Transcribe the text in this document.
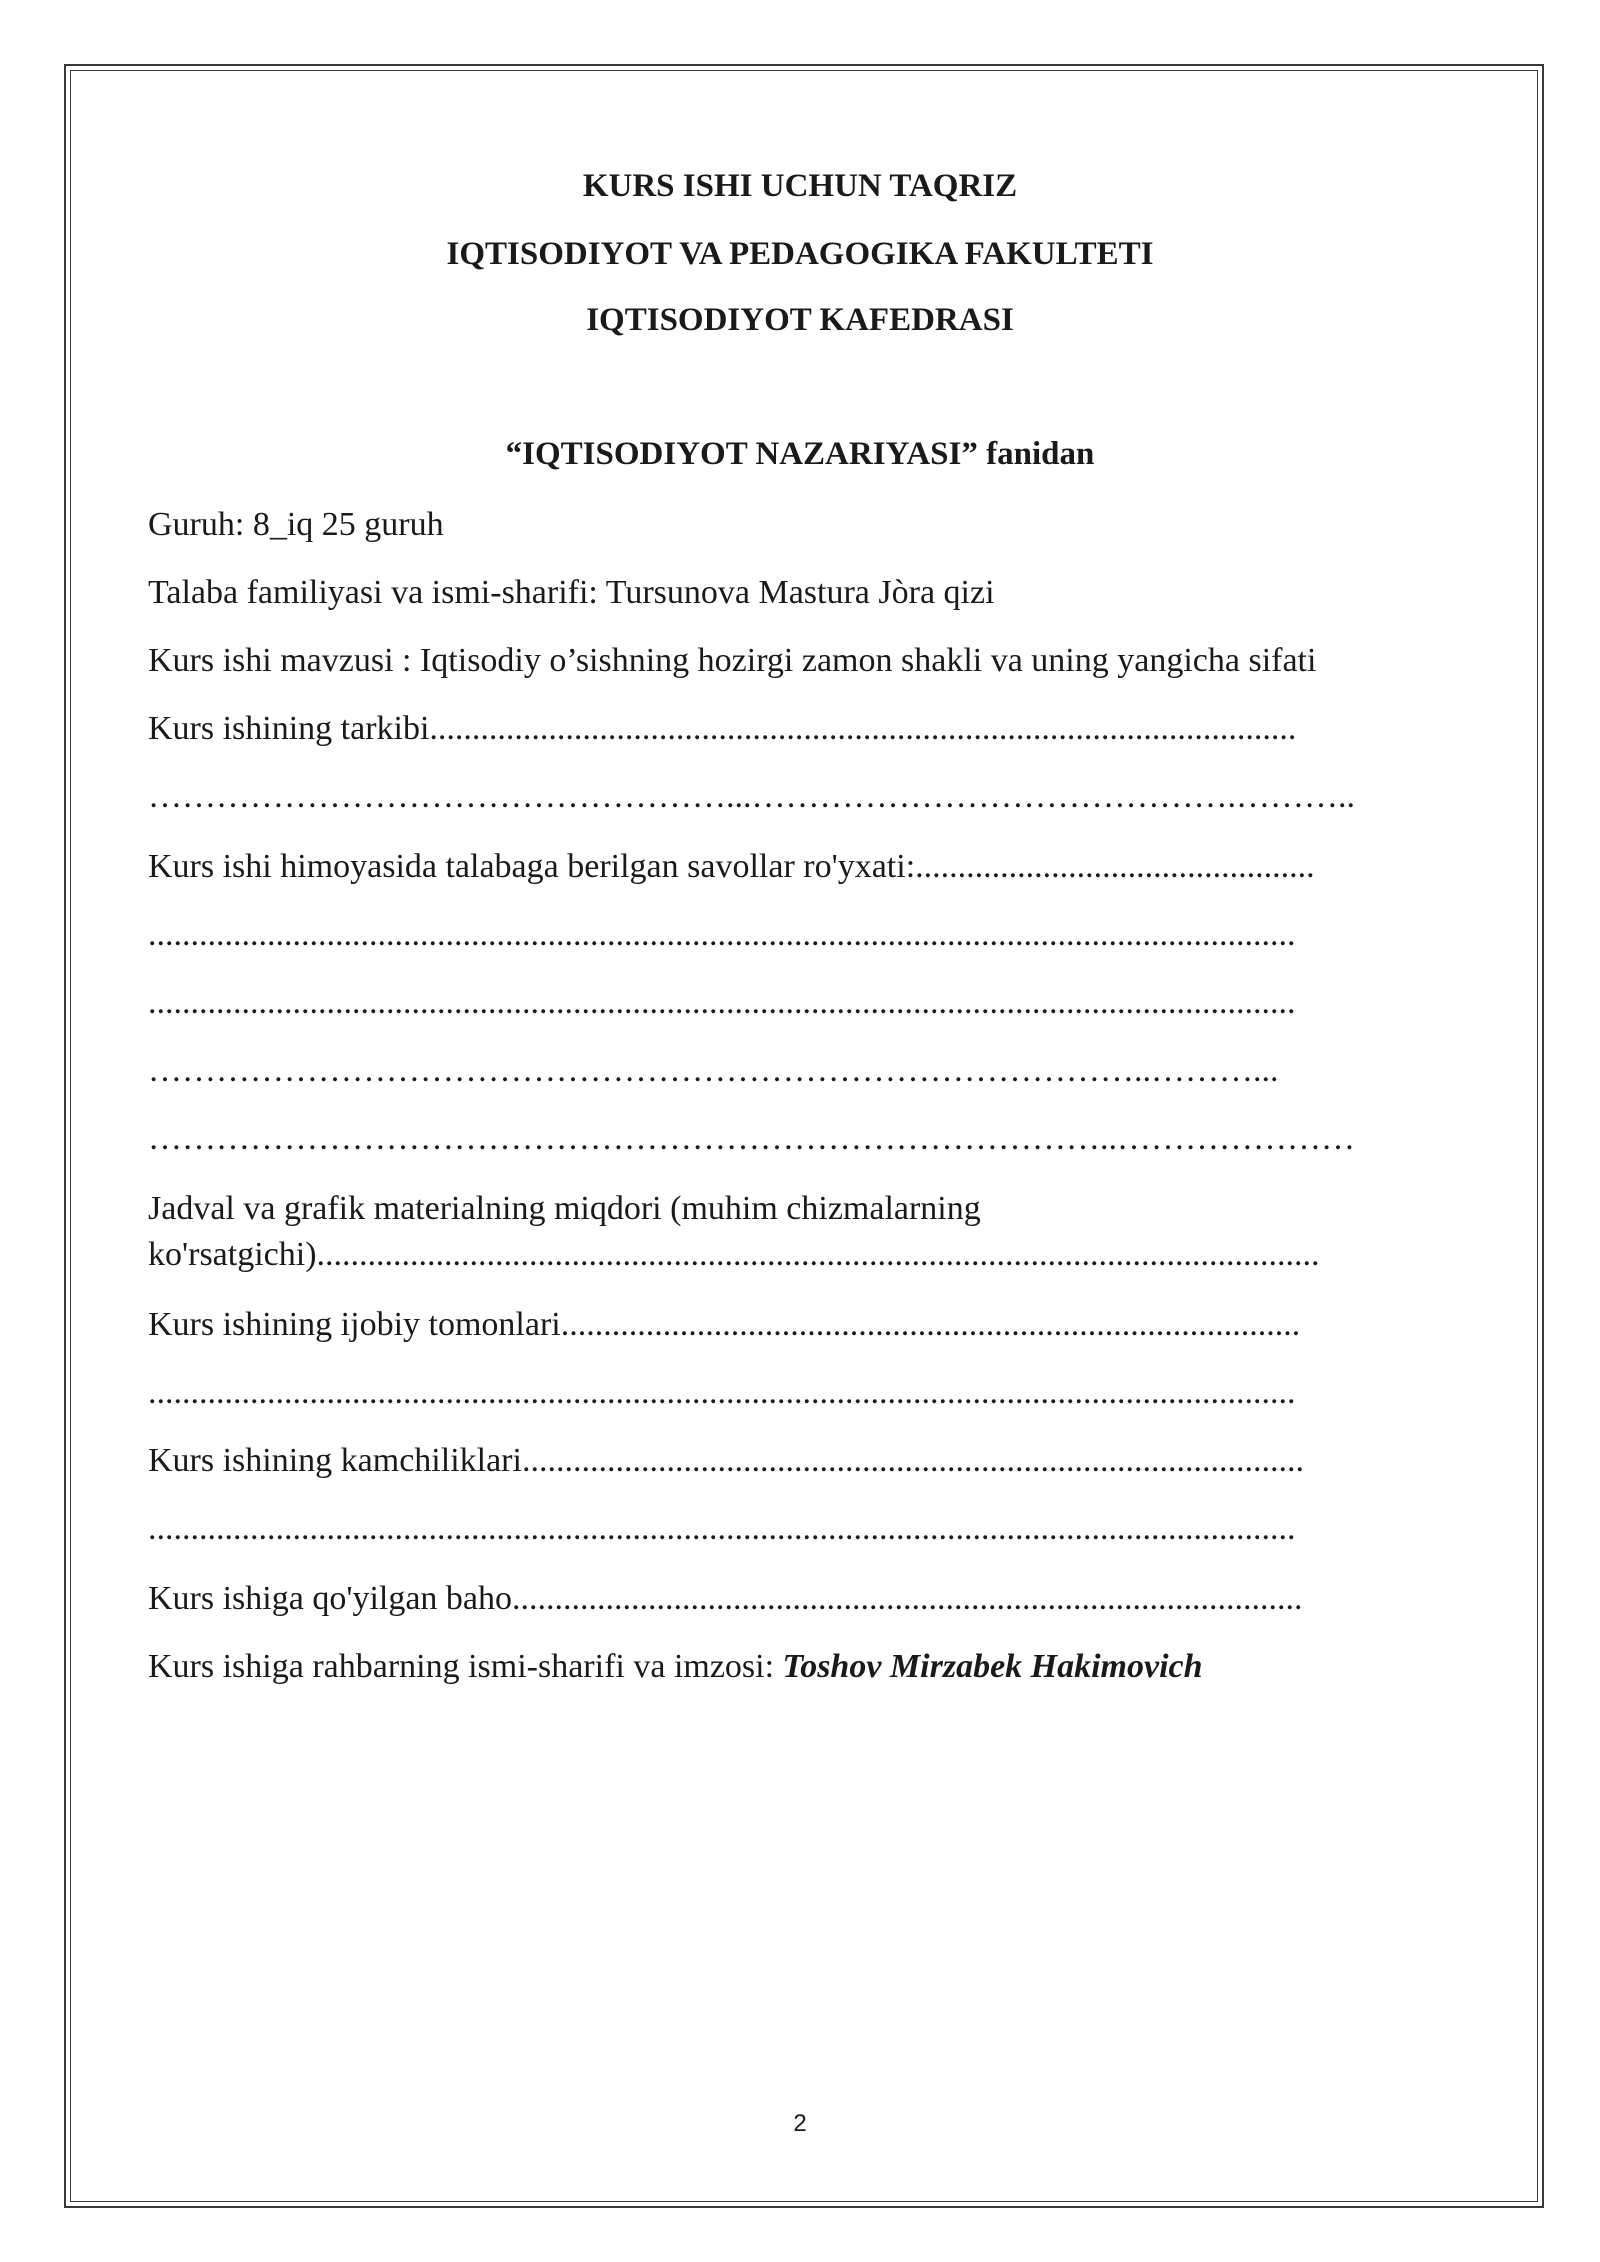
KURS ISHI UCHUN TAQRIZ
IQTISODIYOT VA PEDAGOGIKA FAKULTETI
IQTISODIYOT KAFEDRASI
“IQTISODIYOT NAZARIYASI” fanidan
Guruh: 8_iq 25 guruh
Talaba familiyasi va ismi-sharifi: Tursunova Mastura Jòra qizi
Kurs ishi mavzusi : Iqtisodiy o’sishning hozirgi zamon shakli va uning yangicha sifati
Kurs ishining tarkibi......................................................................................................
……………………………………………...…………………………………….………..
Kurs ishi himoyasida talabaga berilgan savollar ro'yxati:...............................................
.......................................................................................................................................
.......................................................................................................................................
……………………………………………………………………………..………...
…………………………………………………………………………..…………………
Jadval va grafik materialning miqdori (muhim chizmalarning
ko'rsatgichi)......................................................................................................................
Kurs ishining ijobiy tomonlari.......................................................................................
.......................................................................................................................................
Kurs ishining kamchiliklari............................................................................................
.......................................................................................................................................
Kurs ishiga qo'yilgan baho.............................................................................................
Kurs ishiga rahbarning ismi-sharifi va imzosi: Toshov Mirzabek Hakimovich
2
